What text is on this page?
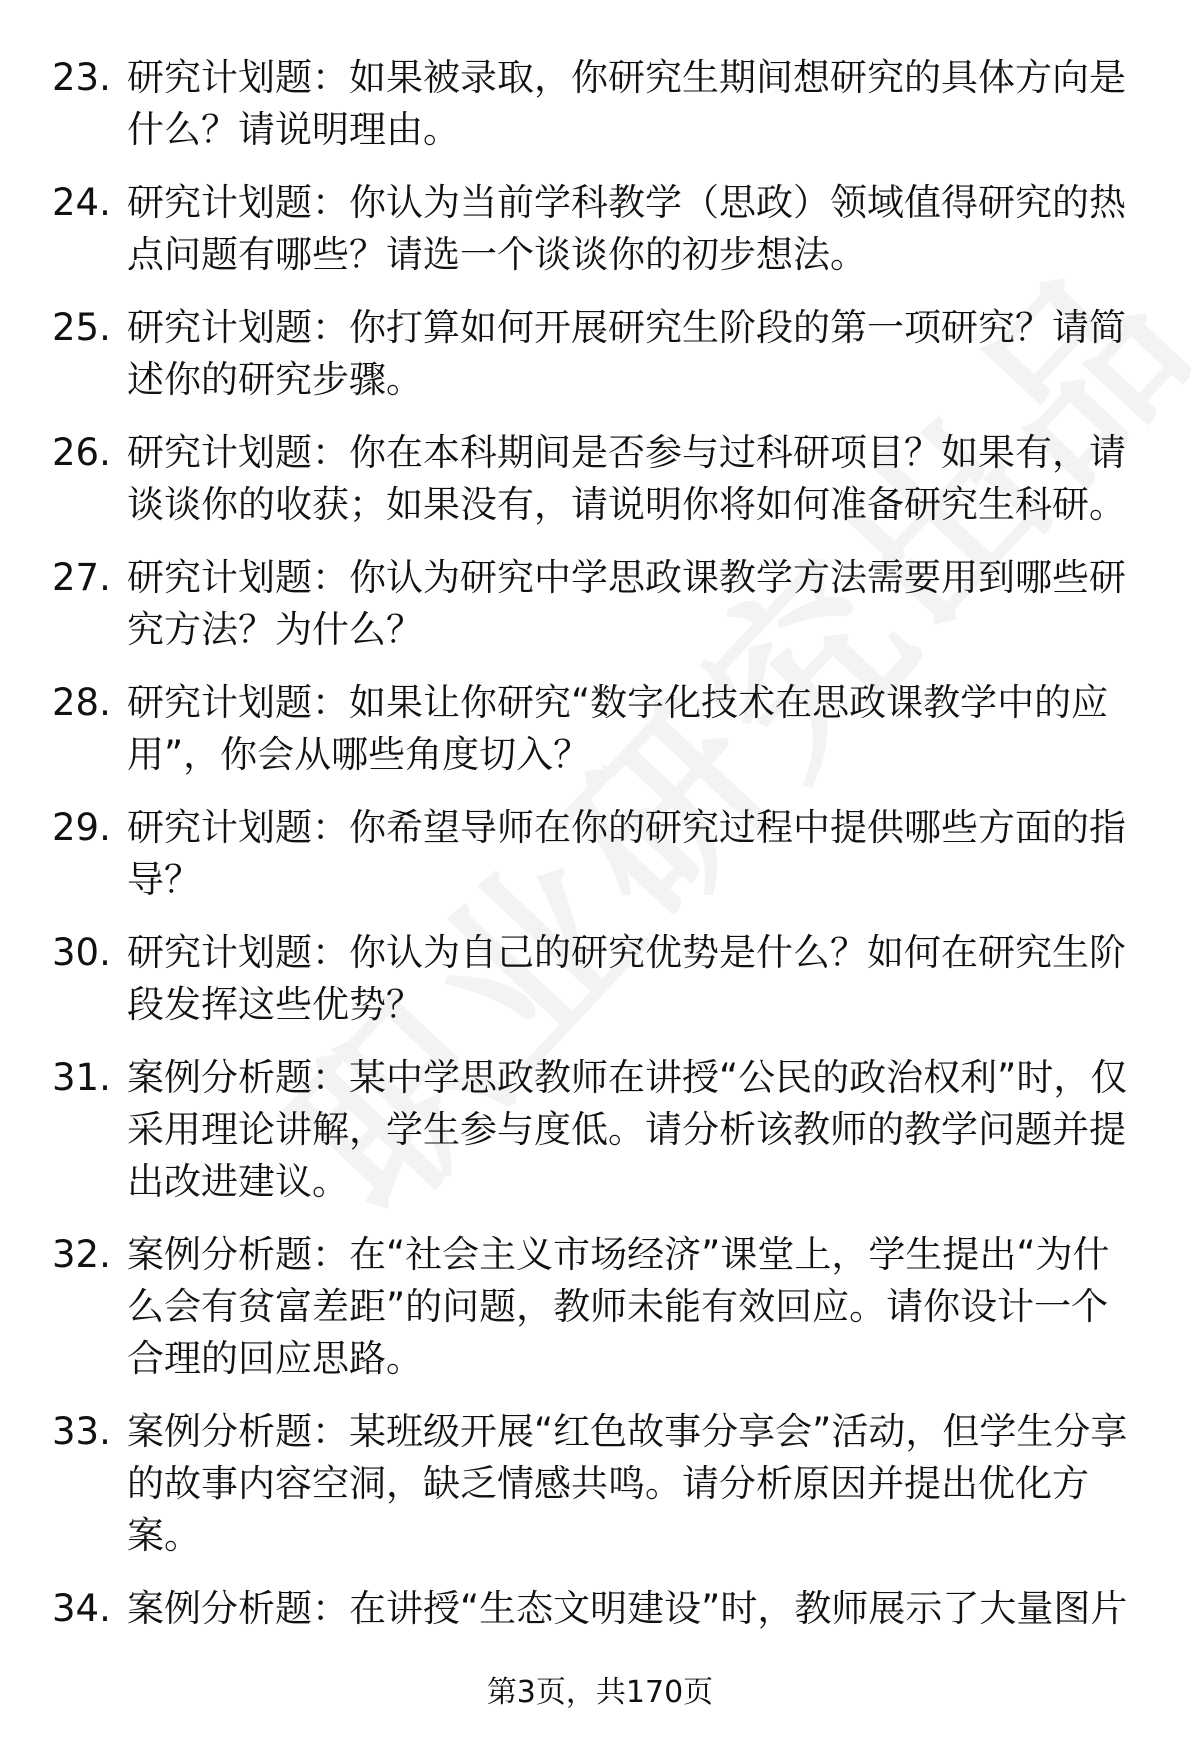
23. 研究计划题：如果被录取，你研究生期间想研究的具体方向是什么？请说明理由。
24. 研究计划题：你认为当前学科教学（思政）领域值得研究的热点问题有哪些？请选一个谈谈你的初步想法。
25. 研究计划题：你打算如何开展研究生阶段的第一项研究？请简述你的研究步骤。
26. 研究计划题：你在本科期间是否参与过科研项目？如果有，请谈谈你的收获；如果没有，请说明你将如何准备研究生科研。
27. 研究计划题：你认为研究中学思政课教学方法需要用到哪些研究方法？为什么？
28. 研究计划题：如果让你研究“数字化技术在思政课教学中的应用”，你会从哪些角度切入？
29. 研究计划题：你希望导师在你的研究过程中提供哪些方面的指导？
30. 研究计划题：你认为自己的研究优势是什么？如何在研究生阶段发挥这些优势？
31. 案例分析题：某中学思政教师在讲授“公民的政治权利”时，仅采用理论讲解，学生参与度低。请分析该教师的教学问题并提出改进建议。
32. 案例分析题：在“社会主义市场经济”课堂上，学生提出“为什么会有贫富差距”的问题，教师未能有效回应。请你设计一个合理的回应思路。
33. 案例分析题：某班级开展“红色故事分享会”活动，但学生分享的故事内容空洞，缺乏情感共鸣。请分析原因并提出优化方案。
34. 案例分析题：在讲授“生态文明建设”时，教师展示了大量图片
第3页，共170页
